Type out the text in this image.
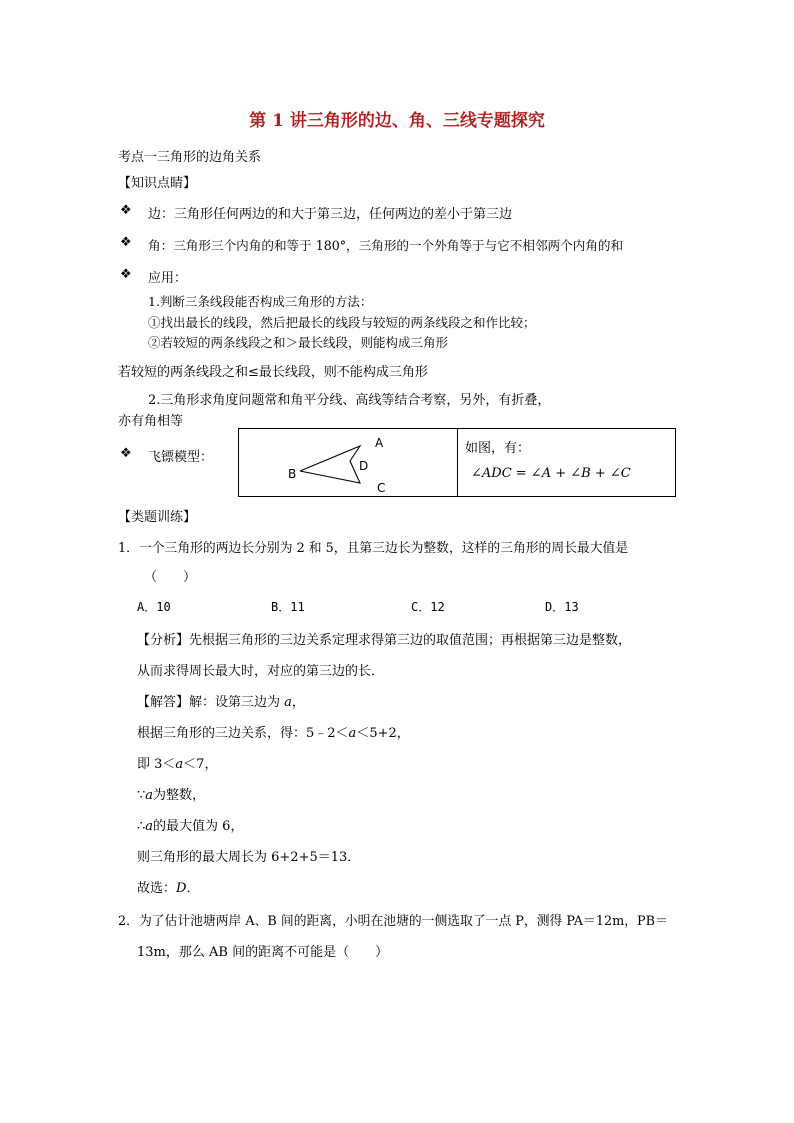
第 1 讲三角形的边、角、三线专题探究
考点一三角形的边角关系
【知识点睛】
❖ 边：三角形任何两边的和大于第三边，任何两边的差小于第三边
❖ 角：三角形三个内角的和等于 180°，三角形的一个外角等于与它不相邻两个内角的和
❖ 应用：
1.判断三条线段能否构成三角形的方法：
①找出最长的线段，然后把最长的线段与较短的两条线段之和作比较；
②若较短的两条线段之和＞最长线段，则能构成三角形
若较短的两条线段之和≤最长线段，则不能构成三角形
2.三角形求角度问题常和角平分线、高线等结合考察，另外，有折叠，
亦有角相等
❖ 飞镖模型：
A
D
B
C
如图，有：
∠ADC = ∠A + ∠B + ∠C
【类题训练】
1．一个三角形的两边长分别为 2 和 5，且第三边长为整数，这样的三角形的周长最大值是
（　　）
A．10	B．11	C．12	D．13
【分析】先根据三角形的三边关系定理求得第三边的取值范围；再根据第三边是整数，
从而求得周长最大时，对应的第三边的长．
【解答】解：设第三边为 a，
根据三角形的三边关系，得：5﹣2＜a＜5+2，
即 3＜a＜7，
∵a为整数，
∴a的最大值为 6，
则三角形的最大周长为 6+2+5＝13．
故选：D．
2．为了估计池塘两岸 A、B 间的距离，小明在池塘的一侧选取了一点 P，测得 PA＝12m，PB＝
13m，那么 AB 间的距离不可能是（　　）
